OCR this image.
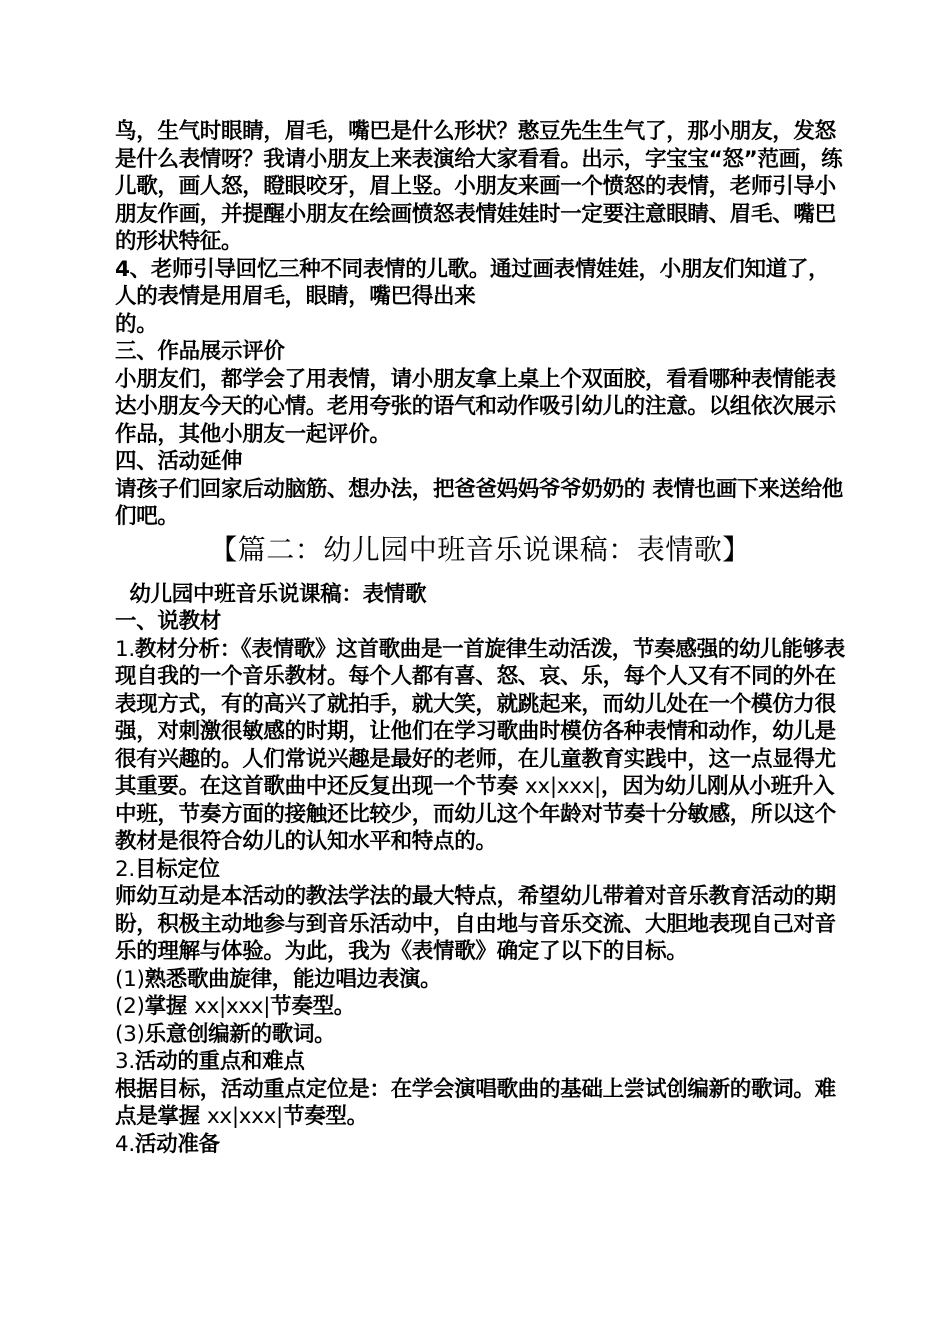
鸟，生气时眼睛，眉毛，嘴巴是什么形状？憨豆先生生气了，那小朋友，发怒是什么表情呀？我请小朋友上来表演给大家看看。出示，字宝宝“怒”范画，练儿歌，画人怒，瞪眼咬牙，眉上竖。小朋友来画一个愤怒的表情，老师引导小朋友作画，并提醒小朋友在绘画愤怒表情娃娃时一定要注意眼睛、眉毛、嘴巴的形状特征。

4、老师引导回忆三种不同表情的儿歌。通过画表情娃娃，小朋友们知道了，人的表情是用眉毛，眼睛，嘴巴得出来
的。

三、作品展示评价

小朋友们，都学会了用表情，请小朋友拿上桌上个双面胶，看看哪种表情能表达小朋友今天的心情。老用夸张的语气和动作吸引幼儿的注意。以组依次展示作品，其他小朋友一起评价。

四、活动延伸

请孩子们回家后动脑筋、想办法，把爸爸妈妈爷爷奶奶的 表情也画下来送给他们吧。

【篇二：幼儿园中班音乐说课稿：表情歌】

幼儿园中班音乐说课稿：表情歌

一、说教材

1.教材分析：《表情歌》这首歌曲是一首旋律生动活泼，节奏感强的幼儿能够表现自我的一个音乐教材。每个人都有喜、怒、哀、乐，每个人又有不同的外在表现方式，有的高兴了就拍手，就大笑，就跳起来，而幼儿处在一个模仿力很强，对刺激很敏感的时期，让他们在学习歌曲时模仿各种表情和动作，幼儿是很有兴趣的。人们常说兴趣是最好的老师，在儿童教育实践中，这一点显得尤其重要。在这首歌曲中还反复出现一个节奏 xx|xxx|，因为幼儿刚从小班升入中班，节奏方面的接触还比较少，而幼儿这个年龄对节奏十分敏感，所以这个教材是很符合幼儿的认知水平和特点的。

2.目标定位

师幼互动是本活动的教法学法的最大特点，希望幼儿带着对音乐教育活动的期盼，积极主动地参与到音乐活动中，自由地与音乐交流、大胆地表现自己对音乐的理解与体验。为此，我为《表情歌》确定了以下的目标。

(1)熟悉歌曲旋律，能边唱边表演。

(2)掌握 xx|xxx|节奏型。

(3)乐意创编新的歌词。

3.活动的重点和难点

根据目标，活动重点定位是：在学会演唱歌曲的基础上尝试创编新的歌词。难点是掌握 xx|xxx|节奏型。

4.活动准备
